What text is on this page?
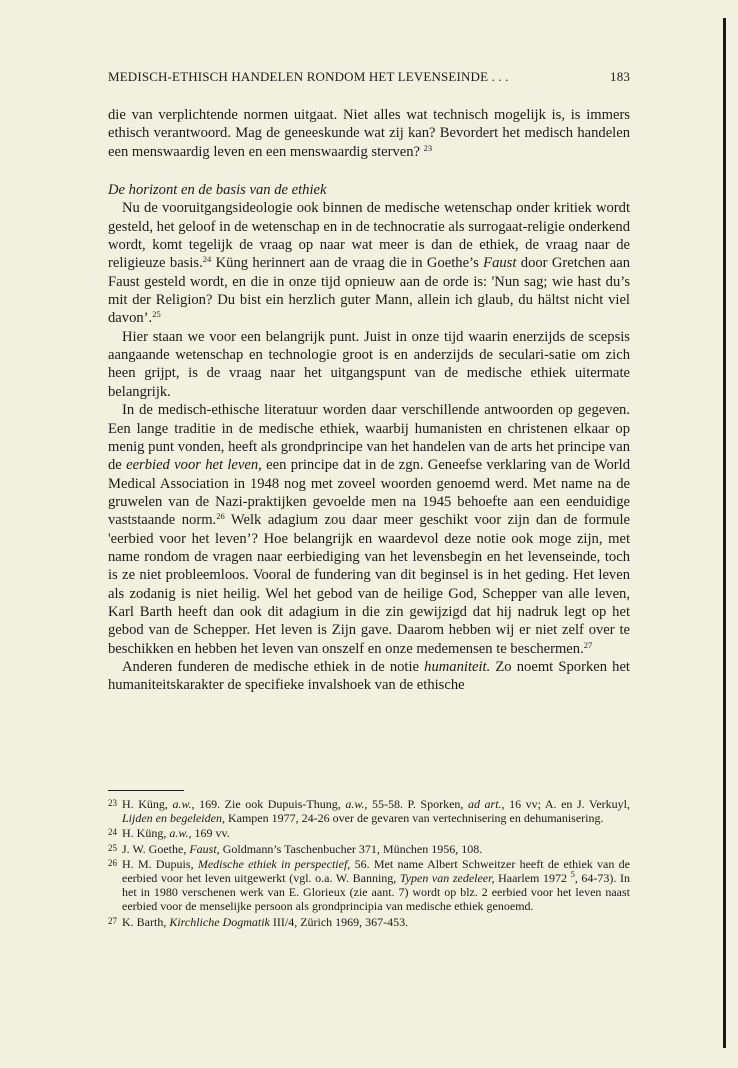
MEDISCH-ETHISCH HANDELEN RONDOM HET LEVENSEINDE . . .	183

die van verplichtende normen uitgaat. Niet alles wat technisch mogelijk is, is immers ethisch verantwoord. Mag de geneeskunde wat zij kan? Bevordert het medisch handelen een menswaardig leven en een menswaardig sterven? $^{23}$

De horizont en de basis van de ethiek

Nu de vooruitgangsideologie ook binnen de medische wetenschap onder kritiek wordt gesteld, het geloof in de wetenschap en in de technocratie als surrogaat-religie onderkend wordt, komt tegelijk de vraag op naar wat meer is dan de ethiek, de vraag naar de religieuze basis.$^{24}$ Küng herinnert aan de vraag die in Goethe’s Faust door Gretchen aan Faust gesteld wordt, en die in onze tijd opnieuw aan de orde is: 'Nun sag; wie hast du’s mit der Religion? Du bist ein herzlich guter Mann, allein ich glaub, du hältst nicht viel davon’.$^{25}$

Hier staan we voor een belangrijk punt. Juist in onze tijd waarin enerzijds de scepsis aangaande wetenschap en technologie groot is en anderzijds de seculari-satie om zich heen grijpt, is de vraag naar het uitgangspunt van de medische ethiek uitermate belangrijk.

In de medisch-ethische literatuur worden daar verschillende antwoorden op gegeven. Een lange traditie in de medische ethiek, waarbij humanisten en christenen elkaar op menig punt vonden, heeft als grondprincipe van het handelen van de arts het principe van de eerbied voor het leven, een principe dat in de zgn. Geneefse verklaring van de World Medical Association in 1948 nog met zoveel woorden genoemd werd. Met name na de gruwelen van de Nazi-praktijken gevoelde men na 1945 behoefte aan een eenduidige vaststaande norm.$^{26}$ Welk adagium zou daar meer geschikt voor zijn dan de formule 'eerbied voor het leven’? Hoe belangrijk en waardevol deze notie ook moge zijn, met name rondom de vragen naar eerbiediging van het levensbegin en het levenseinde, toch is ze niet probleemloos. Vooral de fundering van dit beginsel is in het geding. Het leven als zodanig is niet heilig. Wel het gebod van de heilige God, Schepper van alle leven, Karl Barth heeft dan ook dit adagium in die zin gewijzigd dat hij nadruk legt op het gebod van de Schepper. Het leven is Zijn gave. Daarom hebben wij er niet zelf over te beschikken en hebben het leven van onszelf en onze medemensen te beschermen.$^{27}$

Anderen funderen de medische ethiek in de notie humaniteit. Zo noemt Sporken het humaniteitskarakter de specifieke invalshoek van de ethische

23 H. Küng, a.w., 169. Zie ook Dupuis-Thung, a.w., 55-58. P. Sporken, ad art., 16 vv; A. en J. Verkuyl, Lijden en begeleiden, Kampen 1977, 24-26 over de gevaren van vertechnisering en dehumanisering.

24 H. Küng, a.w., 169 vv.

25 J. W. Goethe, Faust, Goldmann’s Taschenbucher 371, München 1956, 108.

26 H. M. Dupuis, Medische ethiek in perspectief, 56. Met name Albert Schweitzer heeft de ethiek van de eerbied voor het leven uitgewerkt (vgl. o.a. W. Banning, Typen van zedeleer, Haarlem 1972 $^5$, 64-73). In het in 1980 verschenen werk van E. Glorieux (zie aant. 7) wordt op blz. 2 eerbied voor het leven naast eerbied voor de menselijke persoon als grondprincipia van medische ethiek genoemd.

27 K. Barth, Kirchliche Dogmatik III/4, Zürich 1969, 367-453.
